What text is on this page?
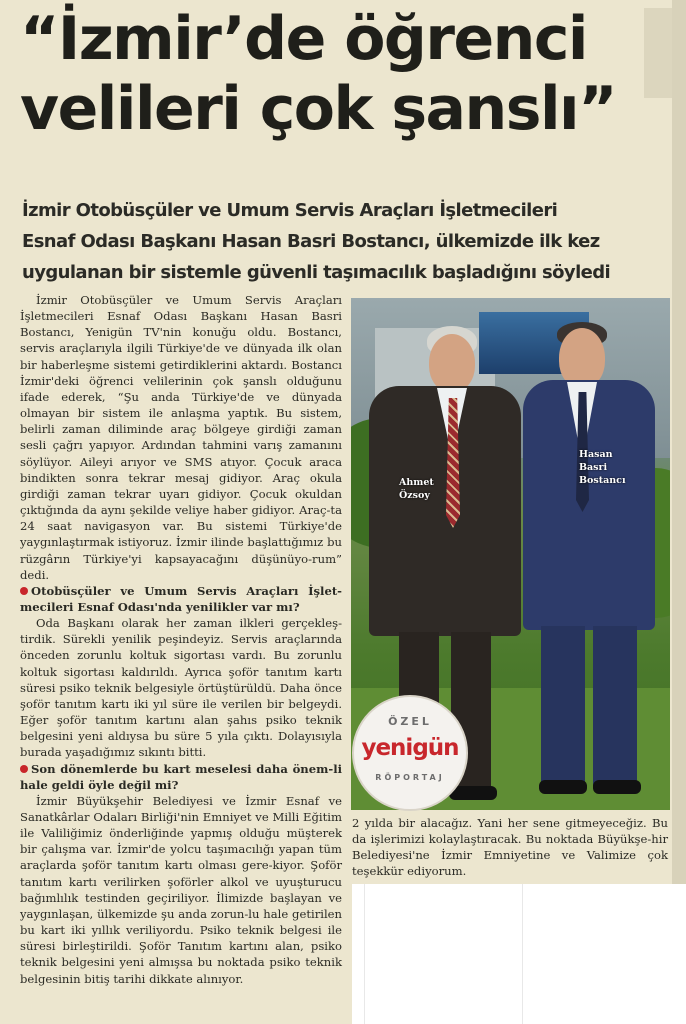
“İzmir’de öğrenci
velileri çok şanslı”
İzmir Otobüsçüler ve Umum Servis Araçları İşletmecileri
Esnaf Odası Başkanı Hasan Basri Bostancı, ülkemizde ilk kez
uygulanan bir sistemle güvenli taşımacılık başladığını söyledi

İzmir Otobüsçüler ve Umum Servis Araçları İşletmecileri Esnaf Odası Başkanı Hasan Basri Bostancı, Yenigün TV'nin konuğu oldu. Bostancı, servis araçlarıyla ilgili Türkiye'de ve dünyada ilk olan bir haberleşme sistemi getirdiklerini aktardı. Bostancı İzmir'deki öğrenci velilerinin çok şanslı olduğunu ifade ederek, “Şu anda Türkiye'de ve dünyada olmayan bir sistem ile anlaşma yaptık. Bu sistem, belirli zaman diliminde araç bölgeye girdiği zaman sesli çağrı yapıyor. Ardından tahmini varış zamanını söylüyor. Aileyi arıyor ve SMS atıyor. Çocuk araca bindikten sonra tekrar mesaj gidiyor. Araç okula girdiği zaman tekrar uyarı gidiyor. Çocuk okuldan çıktığında da aynı şekilde veliye haber gidiyor. Araç-ta 24 saat navigasyon var. Bu sistemi Türkiye'de yaygınlaştırmak istiyoruz. İzmir ilinde başlattığımız bu rüzgârın Türkiye'yi kapsayacağını düşünüyo-rum” dedi.

Otobüsçüler ve Umum Servis Araçları İşlet-mecileri Esnaf Odası'nda yenilikler var mı?

Oda Başkanı olarak her zaman ilkleri gerçekleş-tirdik. Sürekli yenilik peşindeyiz. Servis araçlarında önceden zorunlu koltuk sigortası vardı. Bu zorunlu koltuk sigortası kaldırıldı. Ayrıca şoför tanıtım kartı süresi psiko teknik belgesiyle örtüştürüldü. Daha önce şoför tanıtım kartı iki yıl süre ile verilen bir belgeydi. Eğer şoför tanıtım kartını alan şahıs psiko teknik belgesini yeni aldıysa bu süre 5 yıla çıktı. Dolayısıyla burada yaşadığımız sıkıntı bitti.

Son dönemlerde bu kart meselesi daha önem-li hale geldi öyle değil mi?

İzmir Büyükşehir Belediyesi ve İzmir Esnaf ve Sanatkârlar Odaları Birliği'nin Emniyet ve Milli Eğitim ile Valiliğimiz önderliğinde yapmış olduğu müşterek bir çalışma var. İzmir'de yolcu taşımacılığı yapan tüm araçlarda şoför tanıtım kartı olması gere-kiyor. Şoför tanıtım kartı verilirken şoförler alkol ve uyuşturucu bağımlılık testinden geçiriliyor. İlimizde başlayan ve yaygınlaşan, ülkemizde şu anda zorun-lu hale getirilen bu kart iki yıllık veriliyordu. Psiko teknik belgesi ile süresi birleştirildi. Şoför Tanıtım kartını alan, psiko teknik belgesini yeni almışsa bu noktada psiko teknik belgesinin bitiş tarihi dikkate alınıyor.

Ahmet
Özsoy
Hasan
Basri
Bostancı
ÖZEL
yenigün
RÖPORTAJ

2 yılda bir alacağız. Yani her sene gitmeyeceğiz. Bu da işlerimizi kolaylaştıracak. Bu noktada Büyükşe-hir Belediyesi'ne İzmir Emniyetine ve Valimize çok teşekkür ediyorum.
